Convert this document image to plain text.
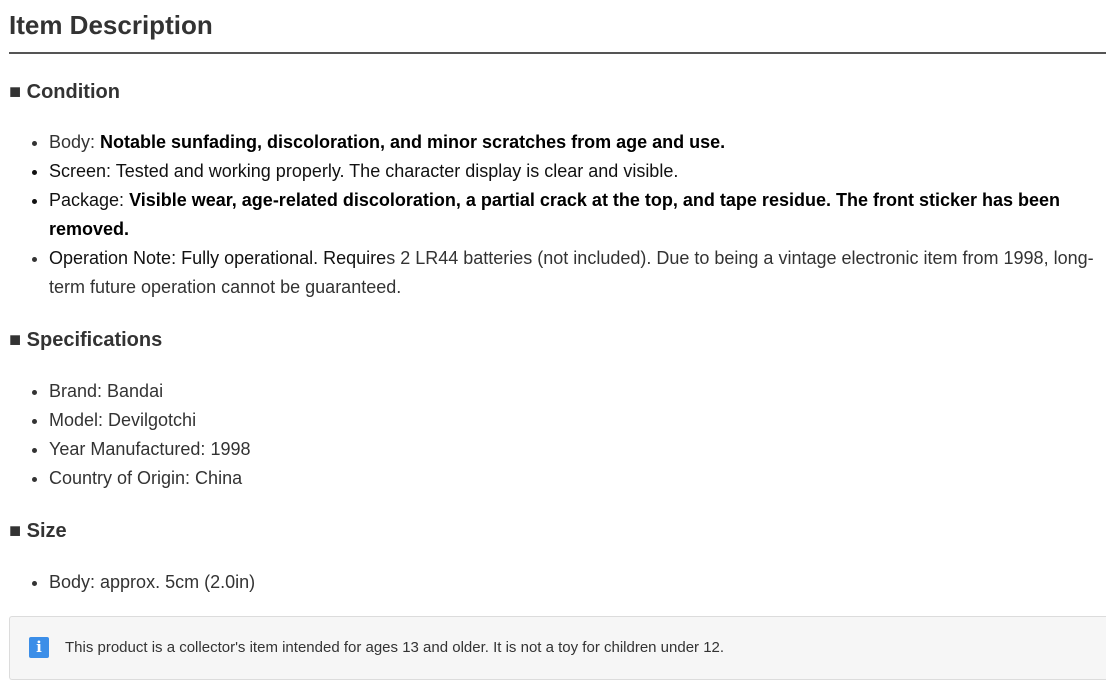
Item Description
■ Condition
• Body: Notable sunfading, discoloration, and minor scratches from age and use.
• Screen: Tested and working properly. The character display is clear and visible.
• Package: Visible wear, age-related discoloration, a partial crack at the top, and tape residue. The front sticker has been removed.
• Operation Note: Fully operational. Requires 2 LR44 batteries (not included). Due to being a vintage electronic item from 1998, long-term future operation cannot be guaranteed.
■ Specifications
• Brand: Bandai
• Model: Devilgotchi
• Year Manufactured: 1998
• Country of Origin: China
■ Size
• Body: approx. 5cm (2.0in)
i	This product is a collector's item intended for ages 13 and older. It is not a toy for children under 12.
